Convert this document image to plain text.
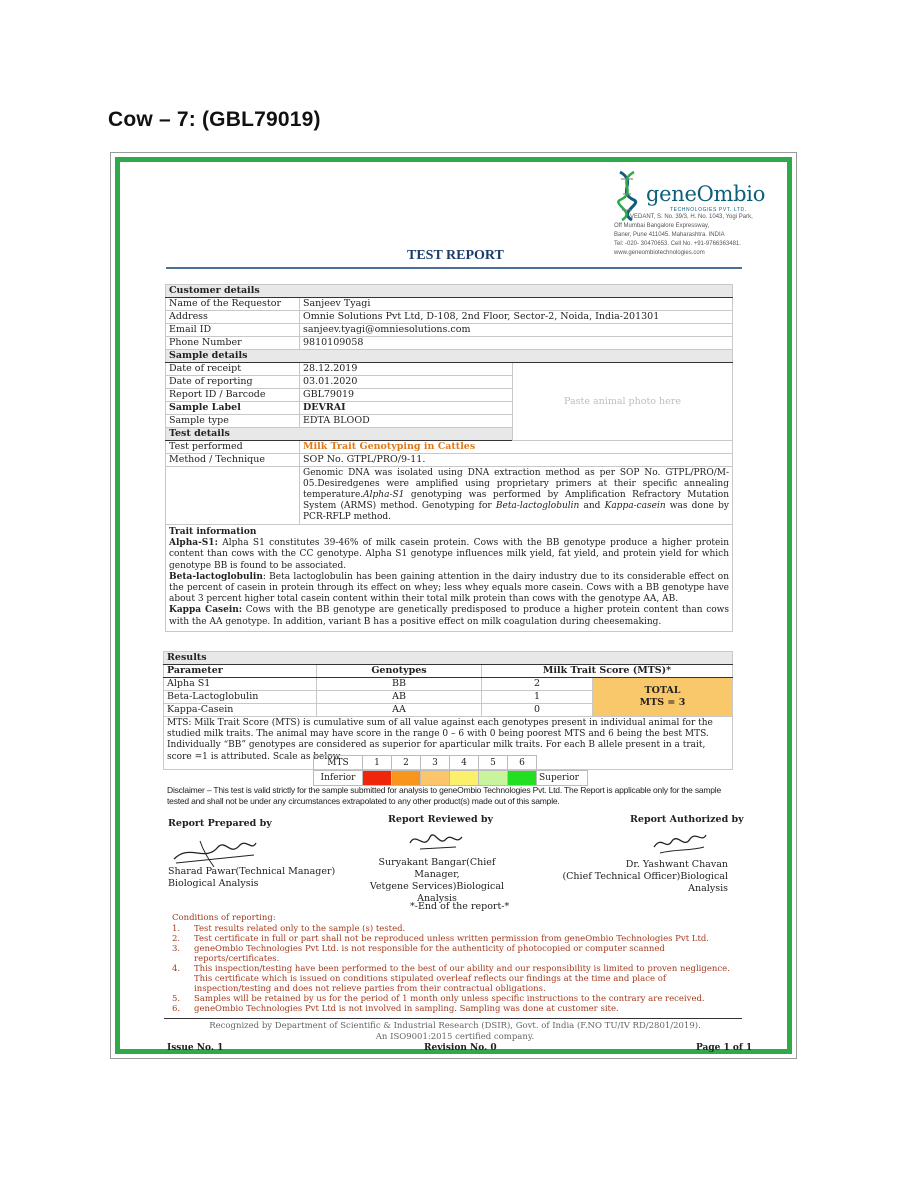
Cow – 7: (GBL79019)
geneOmbio
TECHNOLOGIES PVT. LTD.
VEDANT, S. No. 39/3, H. No. 1043, Yogi Park,
Off Mumbai Bangalore Expressway,
Baner, Pune 411045. Maharashtra. INDIA
Tel: -020- 30470653. Cell No. +91-9766363481.
www.geneombiotechnologies.com
TEST REPORT
Customer details		
Name of the Requestor	Sanjeev Tyagi	
Address	Omnie Solutions Pvt Ltd, D-108, 2nd Floor, Sector-2, Noida, India-201301	
Email ID	sanjeev.tyagi@omniesolutions.com	
Phone Number	9810109058	
Sample details		
Date of receipt	28.12.2019	Paste animal photo here
Date of reporting	03.01.2020	
Report ID / Barcode	GBL79019	
Sample Label	DEVRAI	
Sample type	EDTA BLOOD	
Test details		
Test performed	Milk Trait Genotyping in Cattles	
Method / Technique	SOP No. GTPL/PRO/9-11.	
	Genomic DNA was isolated using DNA extraction method as per SOP No. GTPL/PRO/M-05.Desiredgenes were amplified using proprietary primers at their specific annealing temperature.Alpha-S1 genotyping was performed by Amplification Refractory Mutation System (ARMS) method. Genotyping for Beta-lactoglobulin and Kappa-casein was done by PCR-RFLP method.	

Trait information

Alpha-S1: Alpha S1 constitutes 39-46% of milk casein protein. Cows with the BB genotype produce a higher protein content than cows with the CC genotype. Alpha S1 genotype influences milk yield, fat yield, and protein yield for which genotype BB is found to be associated.

Beta-lactoglobulin: Beta lactoglobulin has been gaining attention in the dairy industry due to its considerable effect on the percent of casein in protein through its effect on whey; less whey equals more casein. Cows with a BB genotype have about 3 percent higher total casein content within their total milk protein than cows with the genotype AA, AB.

Kappa Casein: Cows with the BB genotype are genetically predisposed to produce a higher protein content than cows with the AA genotype. In addition, variant B has a positive effect on milk coagulation during cheesemaking.		

Results			
Parameter	Genotypes	Milk Trait Score (MTS)*	
Alpha S1	BB	2	TOTAL
MTS = 3

Beta-Lactoglobulin	AB	1	
Kappa-Casein	AA	0	
MTS: Milk Trait Score (MTS) is cumulative sum of all value against each genotypes present in individual animal for the studied milk traits. The animal may have score in the range 0 – 6 with 0 being poorest MTS and 6 being the best MTS. Individually “BB” genotypes are considered as superior for aparticular milk traits. For each B allele present in a trait, score =1 is attributed. Scale as below:			
MTS	1	2	3	4	5	6	
Inferior							Superior
Disclaimer – This test is valid strictly for the sample submitted for analysis to geneOmbio Technologies Pvt. Ltd. The Report is applicable only for the sample tested and shall not be under any circumstances extrapolated to any other product(s) made out of this sample.
Report Prepared by
Sharad Pawar(Technical Manager)
Biological Analysis
Report Reviewed by
Suryakant Bangar(Chief Manager,
Vetgene Services)Biological Analysis
Report Authorized by
Dr. Yashwant Chavan
(Chief Technical Officer)Biological Analysis
*-End of the report-*
Conditions of reporting:
1. Test results related only to the sample (s) tested.
2. Test certificate in full or part shall not be reproduced unless written permission from geneOmbio Technologies Pvt Ltd.
3. geneOmbio Technologies Pvt Ltd. is not responsible for the authenticity of photocopied or computer scanned reports/certificates.
4. This inspection/testing have been performed to the best of our ability and our responsibility is limited to proven negligence. This certificate which is issued on conditions stipulated overleaf reflects our findings at the time and place of inspection/testing and does not relieve parties from their contractual obligations.
5. Samples will be retained by us for the period of 1 month only unless specific instructions to the contrary are received.
6. geneOmbio Technologies Pvt Ltd is not involved in sampling. Sampling was done at customer site.
Recognized by Department of Scientific & Industrial Research (DSIR), Govt. of India (F.NO TU/IV RD/2801/2019).
An ISO9001:2015 certified company.
Issue No. 1	Revision No. 0	Page 1 of 1
